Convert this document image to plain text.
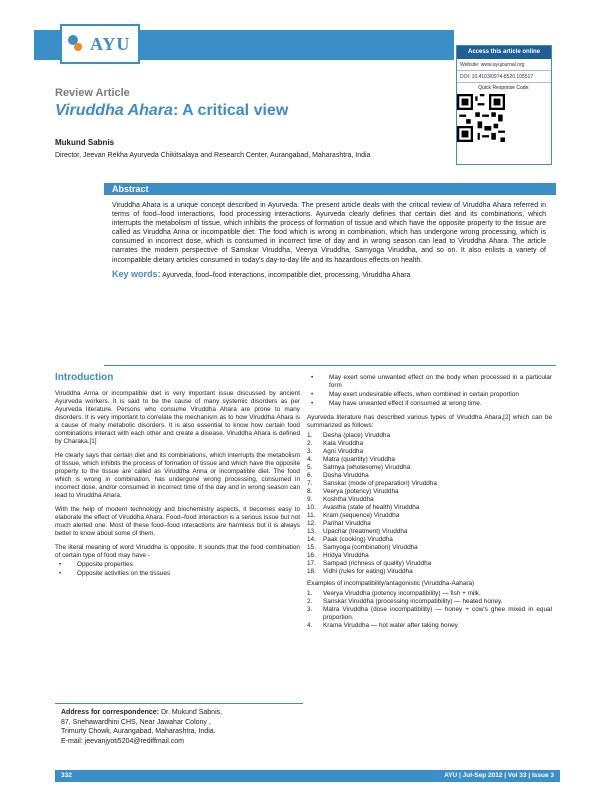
AYU	Access this article online
Website: www.ayujournal.org
DOI: 10.4103/0974-8520.105517
Quick Response Code:
Review Article
Viruddha Ahara: A critical view
Mukund Sabnis
Director, Jeevan Rekha Ayurveda Chikitsalaya and Research Center, Aurangabad, Maharashtra, India
Abstract
Viruddha Ahara is a unique concept described in Ayurveda. The present article deals with the critical review of Viruddha Ahara referred in terms of food–food interactions, food processing interactions. Ayurveda clearly defines that certain diet and its combinations, which interrupts the metabolism of tissue, which inhibits the process of formation of tissue and which have the opposite property to the tissue are called as Viruddha Anna or incompatible diet. The food which is wrong in combination, which has undergone wrong processing, which is consumed in incorrect dose, which is consumed in incorrect time of day and in wrong season can lead to Viruddha Ahara. The article narrates the modern perspective of Samskar Viruddha, Veerya Viruddha, Samyoga Viruddha, and so on. It also enlists a variety of incompatible dietary articles consumed in today's day-to-day life and its hazardous effects on health.
Key words: Ayurveda, food–food interactions, incompatible diet, processing, Viruddha Ahara
Introduction
Viruddha Anna or incompatible diet is very important issue discussed by ancient Ayurveda workers. It is said to be the cause of many systemic disorders as per Ayurveda literature. Persons who consume Viruddha Ahara are prone to many disorders. It is very important to correlate the mechanism as to how Viruddha Ahara is a cause of many metabolic disorders. It is also essential to know how certain food combinations interact with each other and create a disease. Viruddha Ahara is defined by Charaka.[1]
He clearly says that certain diet and its combinations, which interrupts the metabolism of tissue, which inhibits the process of formation of tissue and which have the opposite property to the tissue are called as Viruddha Anna or incompatible diet. The food which is wrong in combination, has undergone wrong processing, consumed in incorrect dose, and/or consumed in incorrect time of the day and in wrong season can lead to Viruddha Ahara.
With the help of modern technology and biochemistry aspects, it becomes easy to elaborate the effect of Viruddha Ahara. Food–food interaction is a serious issue but not much alerted one. Most of these food–food interactions are harmless but it is always better to know about some of them.
The literal meaning of word Viruddha is opposite. It sounds that the food combination of certain type of food may have -
• Opposite properties
• Opposite activities on the tissues
• May exert some unwanted effect on the body when processed in a particular form
• May exert undesirable effects, when combined in certain proportion
• May have unwanted effect if consumed at wrong time.
Ayurveda literature has described various types of Viruddha Ahara,[2] which can be summarized as follows:
1.	Desha (place) Viruddha
2.	Kala Viruddha
3.	Agni Viruddha
4.	Matra (quantity) Viruddha
5.	Satmya (wholesome) Viruddha
6.	Dosha Viruddha
7.	Sanskar (mode of preparation) Viruddha
8.	Veerya (potency) Viruddha
9.	Koshtha Viruddha
10.	Avastha (state of health) Viruddha
11.	Kram (sequence) Viruddha
12.	Parihar Viruddha
13.	Upachar (treatment) Viruddha
14.	Paak (cooking) Viruddha
15.	Samyoga (combination) Viruddha
16.	Hridya Viruddha
17.	Sampad (richness of quality) Viruddha
18.	Vidhi (rules for eating) Viruddha
Examples of incompatibility/antagonistic (Viruddha-Aahara)
1.	Veerya Viruddha (potency incompatibility) — fish + milk.
2.	Sanskar Viruddha (processing incompatibility) — heated honey.
3.	Matra Viruddha (dose incompatibility) — honey + cow's ghee mixed in equal proportion.
4.	Krama Viruddha — hot water after taking honey.
Address for correspondence: Dr. Mukund Sabnis,
87, Snehawardhini CHS, Near Jawahar Colony ,
Trimurty Chowk, Aurangabad, Maharashtra, India.
E-mail: jeevanjyoti5204@rediffmail.com
332	AYU | Jul-Sep 2012 | Vol 33 | Issue 3
